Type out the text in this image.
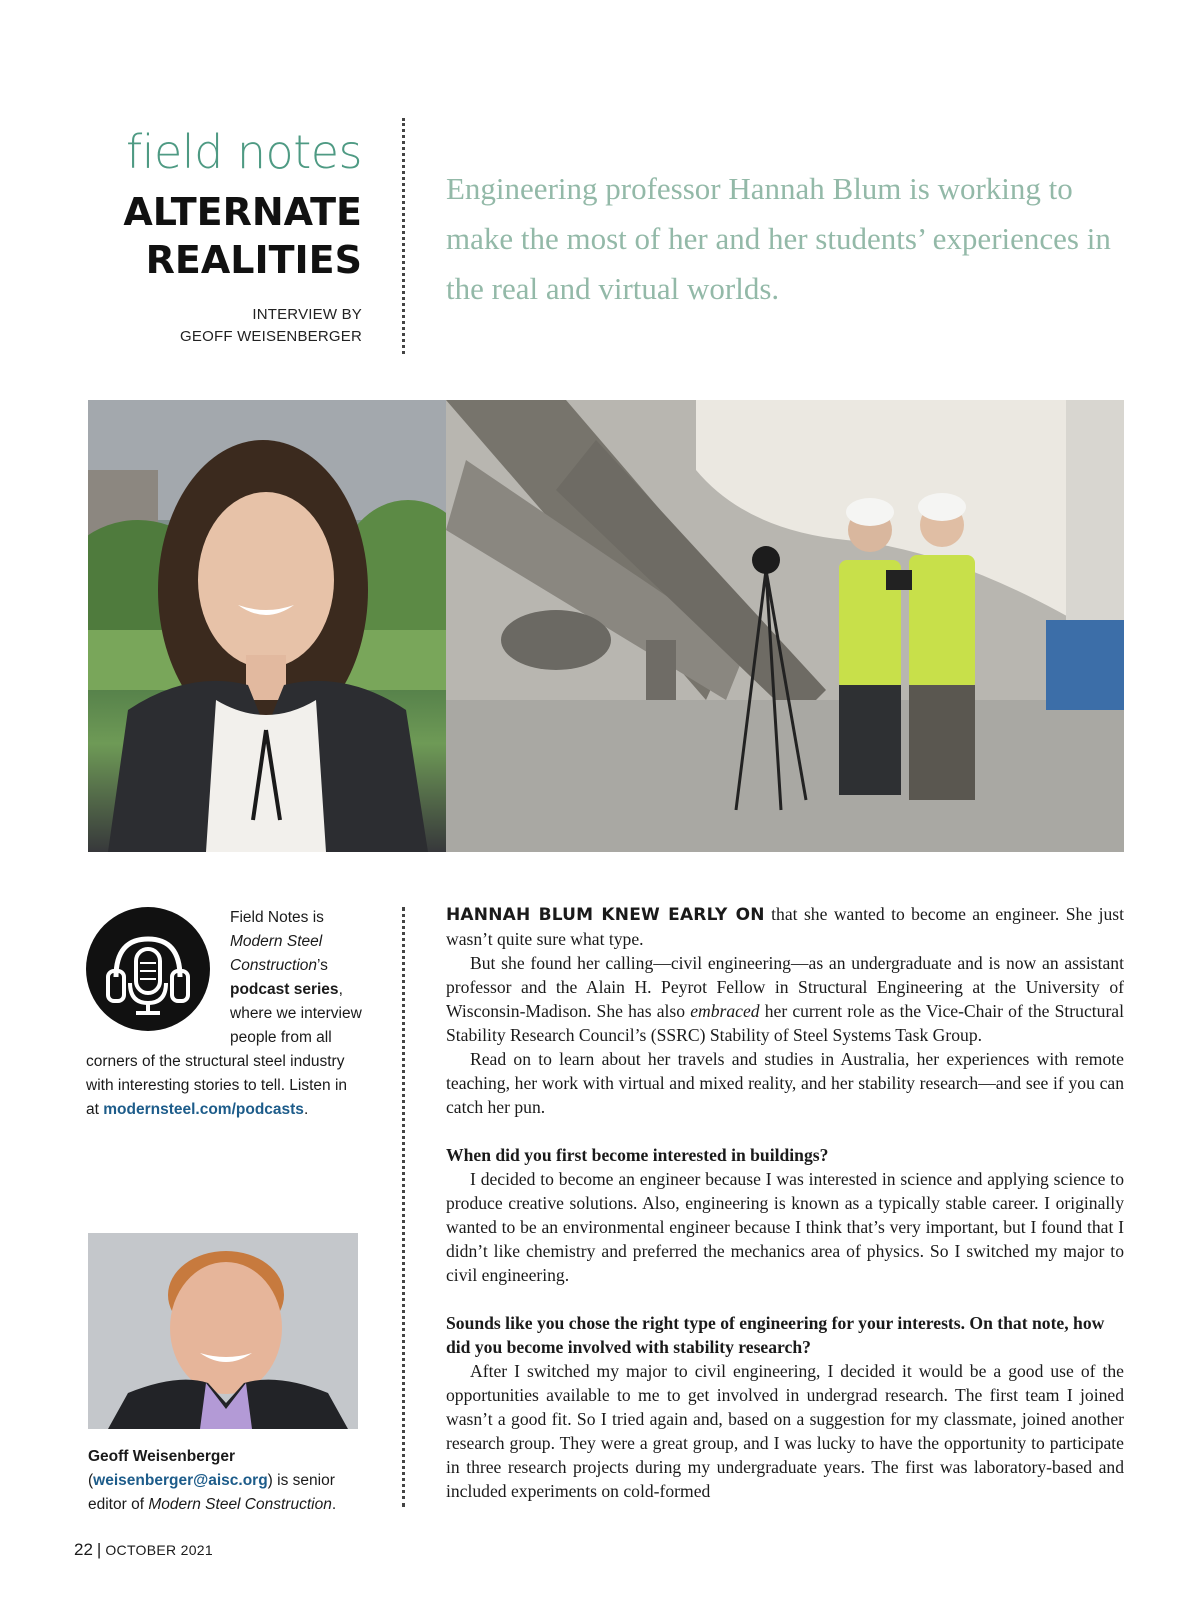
field notes
ALTERNATE
REALITIES
INTERVIEW BY
GEOFF WEISENBERGER
Engineering professor Hannah Blum is working to make the most of her and her students’ experiences in the real and virtual worlds.
Field Notes is
Modern Steel
Construction’s
podcast series,
where we interview
people from all
corners of the structural steel industry
with interesting stories to tell. Listen in
at modernsteel.com/podcasts.
Geoff Weisenberger
(weisenberger@aisc.org) is senior
editor of Modern Steel Construction.

HANNAH BLUM KNEW EARLY ON that she wanted to become an engineer. She just wasn’t quite sure what type.

But she found her calling—civil engineering—as an undergraduate and is now an assistant professor and the Alain H. Peyrot Fellow in Structural Engineering at the University of Wisconsin-Madison. She has also embraced her current role as the Vice-Chair of the Structural Stability Research Council’s (SSRC) Stability of Steel Systems Task Group.

Read on to learn about her travels and studies in Australia, her experiences with remote teaching, her work with virtual and mixed reality, and her stability research—and see if you can catch her pun.

When did you first become interested in buildings?

I decided to become an engineer because I was interested in science and applying science to produce creative solutions. Also, engineering is known as a typically stable career. I originally wanted to be an environmental engineer because I think that’s very important, but I found that I didn’t like chemistry and preferred the mechanics area of physics. So I switched my major to civil engineering.

Sounds like you chose the right type of engineering for your interests. On that note, how did you become involved with stability research?

After I switched my major to civil engineering, I decided it would be a good use of the opportunities available to me to get involved in undergrad research. The first team I joined wasn’t a good fit. So I tried again and, based on a suggestion for my classmate, joined another research group. They were a great group, and I was lucky to have the opportunity to participate in three research projects during my undergraduate years. The first was laboratory-based and included experiments on cold-formed

22 | OCTOBER 2021
